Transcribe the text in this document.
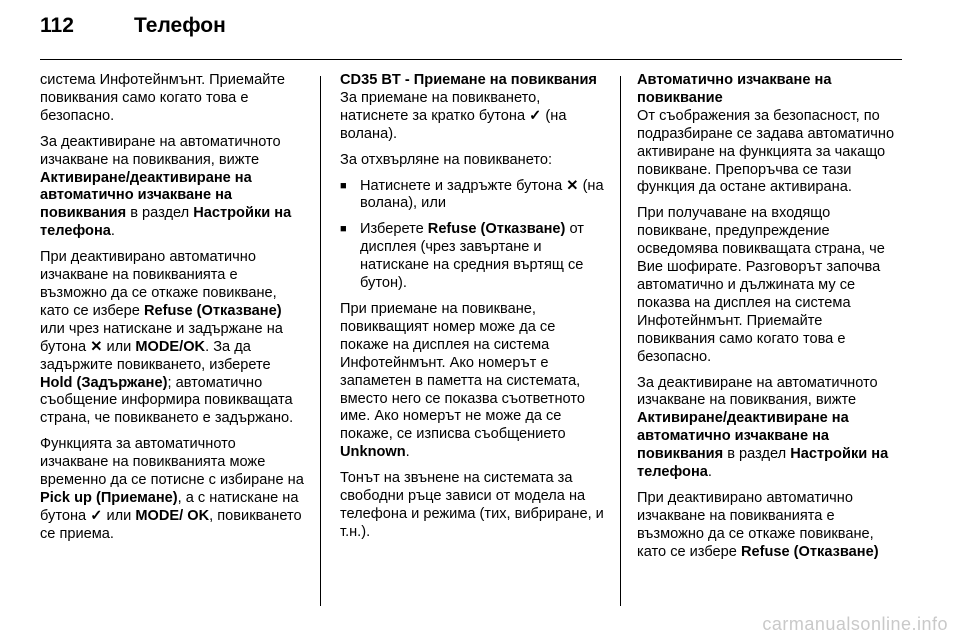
112	Телефон

система Инфотейнмънт. Приемайте повиквания само когато това е безопасно.

За деактивиране на автоматичното изчакване на повиквания, вижте Активиране/деактивиране на автоматично изчакване на повиквания в раздел Настройки на телефона.

При деактивирано автоматично изчакване на повикванията е възможно да се откаже повикване, като се избере Refuse (Отказване) или чрез натискане и задържане на бутона ✕ или MODE/OK. За да задържите повикването, изберете Hold (Задържане); автоматично съобщение информира повикващата страна, че повикването е задържано.

Функцията за автоматичното изчакване на повикванията може временно да се потисне с избиране на Pick up (Приемане), а с натискане на бутона ✓ или MODE/ OK, повикването се приема.

CD35 BT - Приемане на повиквания

За приемане на повикването, натиснете за кратко бутона ✓ (на волана).

За отхвърляне на повикването:

■ Натиснете и задръжте бутона ✕ (на волана), или
■ Изберете Refuse (Отказване) от дисплея (чрез завъртане и натискане на средния въртящ се бутон).

При приемане на повикване, повикващият номер може да се покаже на дисплея на система Инфотейнмънт. Ако номерът е запаметен в паметта на системата, вместо него се показва съответното име. Ако номерът не може да се покаже, се изписва съобщението Unknown.

Тонът на звънене на системата за свободни ръце зависи от модела на телефона и режима (тих, вибриране, и т.н.).

Автоматично изчакване на повиквание

От съображения за безопасност, по подразбиране се задава автоматично активиране на функцията за чакащо повикване. Препоръчва се тази функция да остане активирана.

При получаване на входящо повикване, предупреждение осведомява повикващата страна, че Вие шофирате. Разговорът започва автоматично и дължината му се показва на дисплея на система Инфотейнмънт. Приемайте повиквания само когато това е безопасно.

За деактивиране на автоматичното изчакване на повиквания, вижте Активиране/деактивиране на автоматично изчакване на повиквания в раздел Настройки на телефона.

При деактивирано автоматично изчакване на повикванията е възможно да се откаже повикване, като се избере Refuse (Отказване)

carmanualsonline.info
